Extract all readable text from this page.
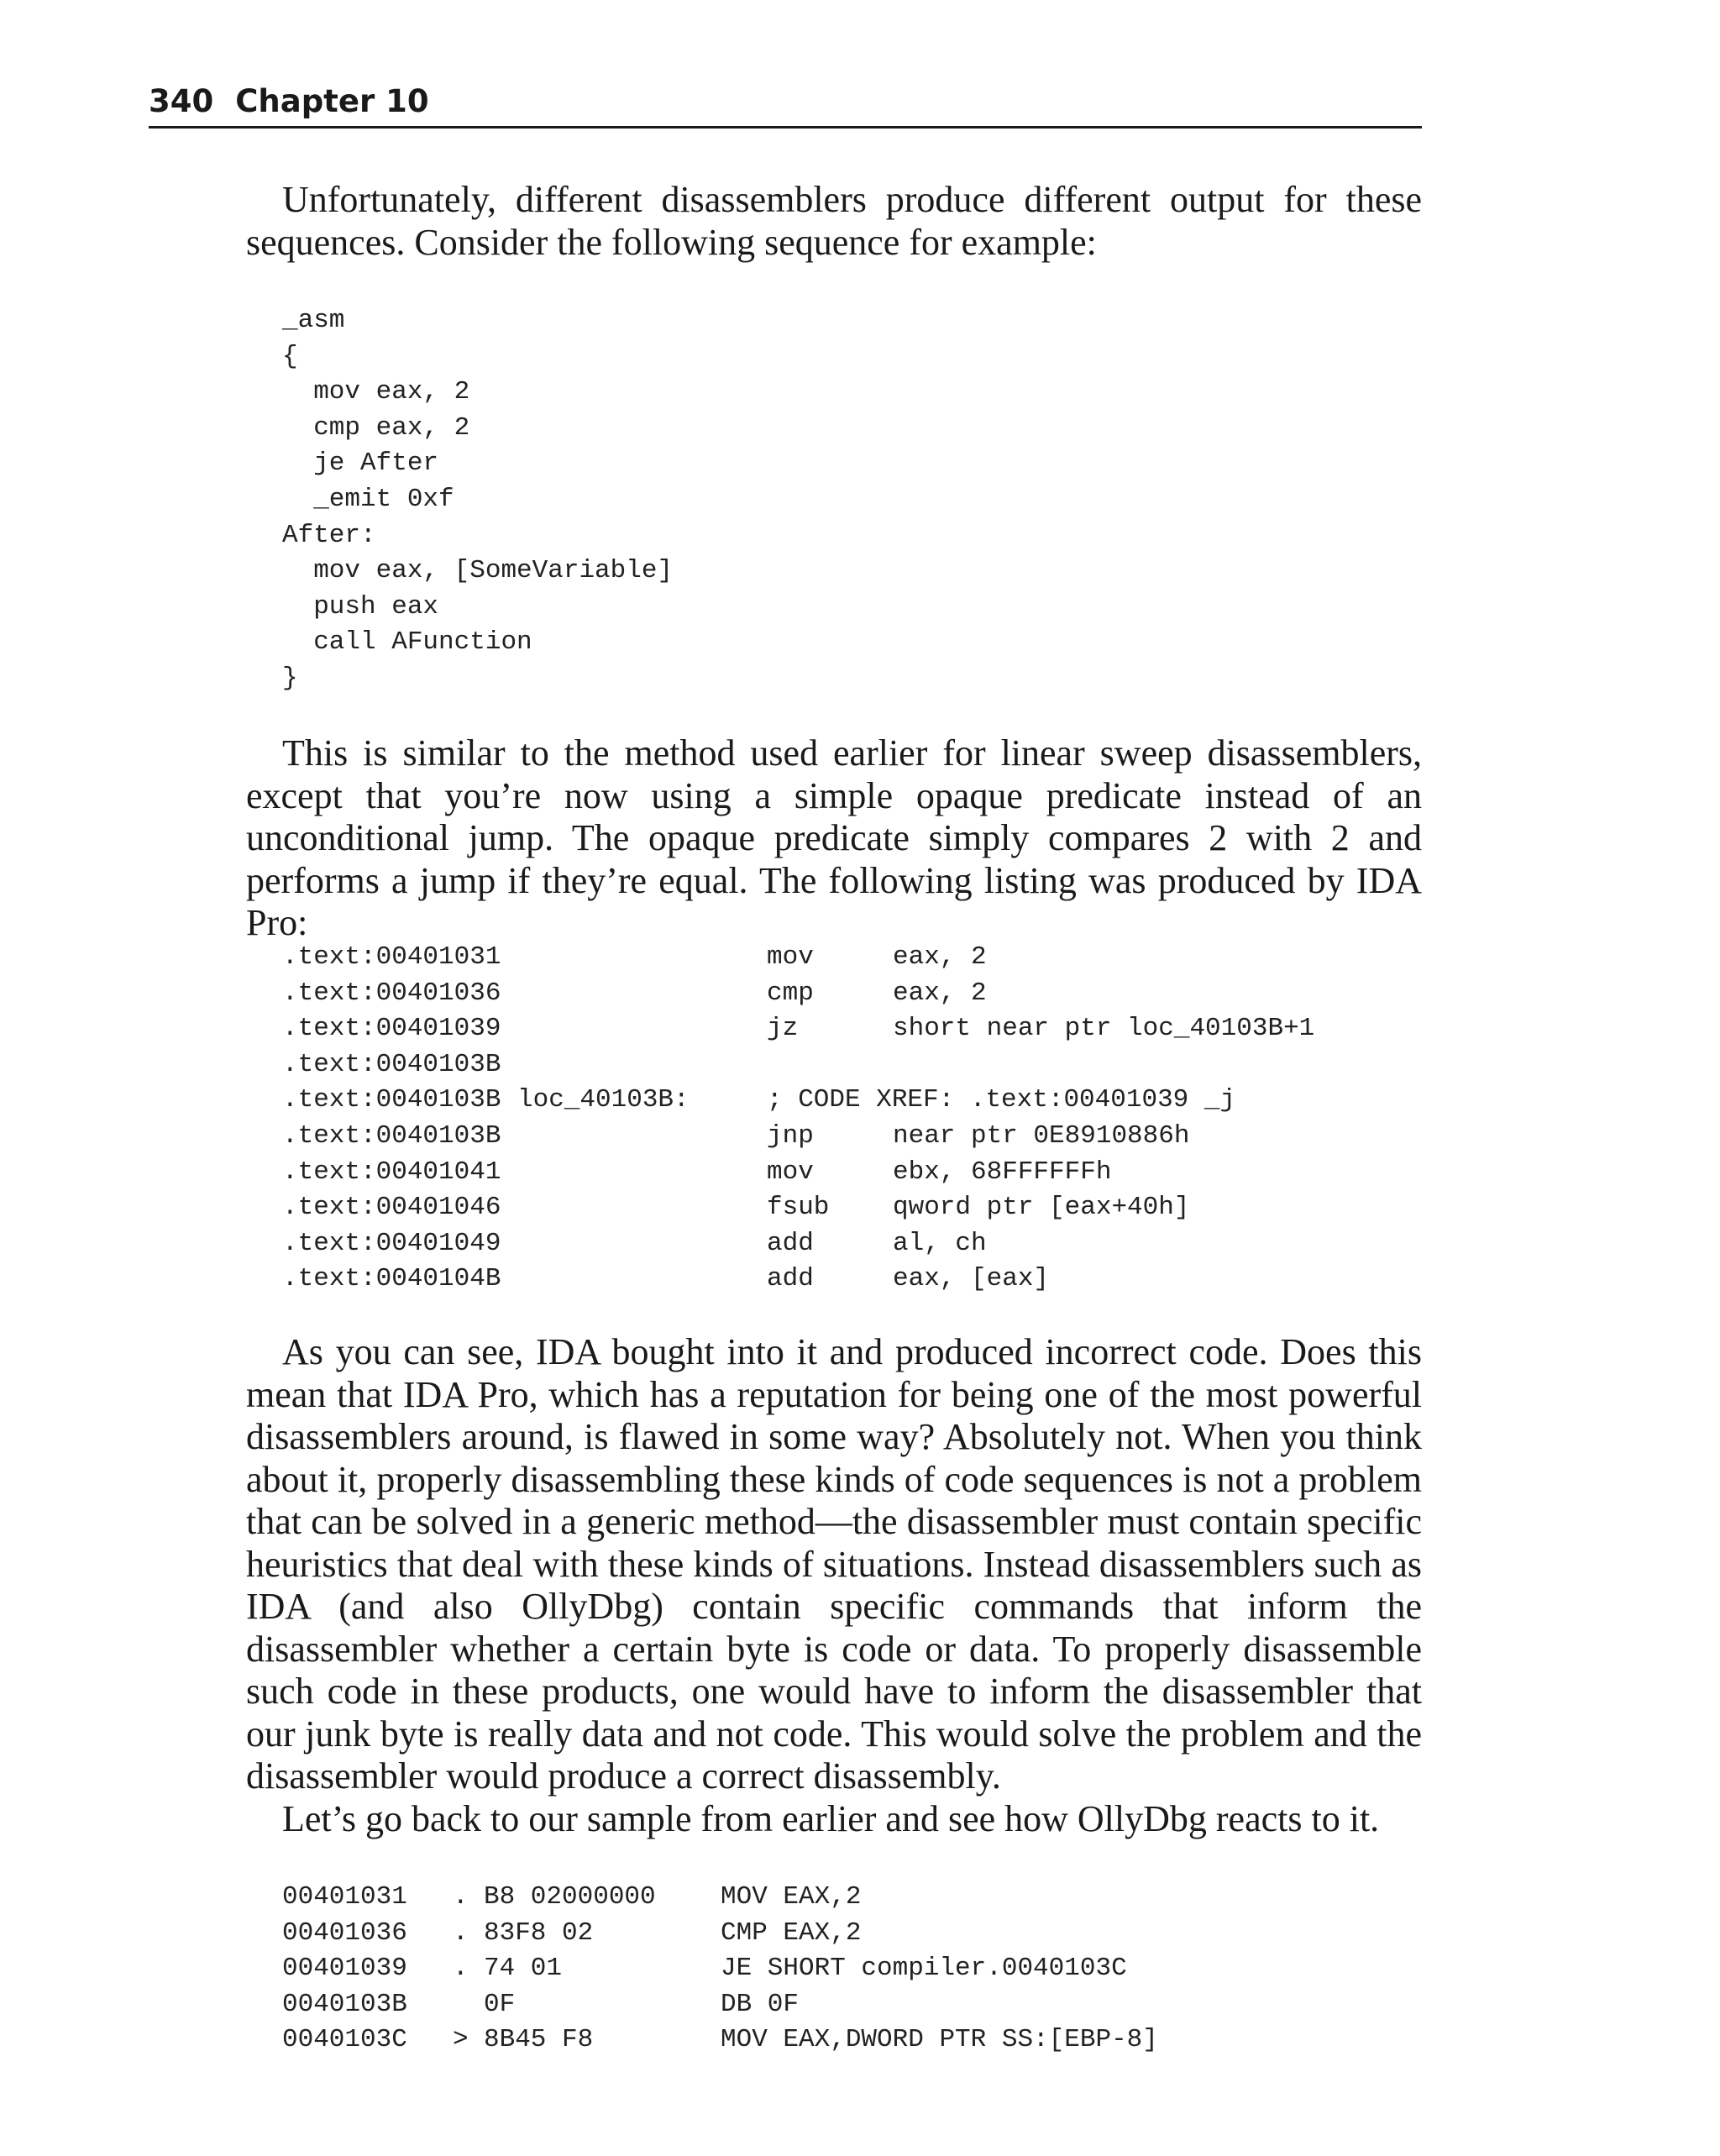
340 Chapter 10

Unfortunately, different disassemblers produce different output for these sequences. Consider the following sequence for example:

_asm
{
mov eax, 2
cmp eax, 2
je After
_emit 0xf
After:
mov eax, [SomeVariable]
push eax
call AFunction
}

This is similar to the method used earlier for linear sweep disassemblers, except that you’re now using a simple opaque predicate instead of an unconditional jump. The opaque predicate simply compares 2 with 2 and performs a jump if they’re equal. The following listing was produced by IDA Pro:

.text:00401031	mov	eax, 2
.text:00401036	cmp	eax, 2
.text:00401039	jz	short near ptr loc_40103B+1
.text:0040103B
.text:0040103B loc_40103B:	; CODE XREF: .text:00401039 _j
.text:0040103B	jnp	near ptr 0E8910886h
.text:00401041	mov	ebx, 68FFFFFFh
.text:00401046	fsub qword ptr [eax+40h]
.text:00401049	add	al, ch
.text:0040104B	add	eax, [eax]

As you can see, IDA bought into it and produced incorrect code. Does this mean that IDA Pro, which has a reputation for being one of the most powerful disassemblers around, is flawed in some way? Absolutely not. When you think about it, properly disassembling these kinds of code sequences is not a problem that can be solved in a generic method—the disassembler must contain specific heuristics that deal with these kinds of situations. Instead disassemblers such as IDA (and also OllyDbg) contain specific commands that inform the disassembler whether a certain byte is code or data. To properly disassemble such code in these products, one would have to inform the disassembler that our junk byte is really data and not code. This would solve the problem and the disassembler would produce a correct disassembly.

Let’s go back to our sample from earlier and see how OllyDbg reacts to it.

00401031 . B8 02000000 MOV EAX,2
00401036 . 83F8 02	CMP EAX,2
00401039 . 74 01	JE SHORT compiler.0040103C
0040103B	0F	DB 0F
0040103C > 8B45 F8	MOV EAX,DWORD PTR SS:[EBP-8]
